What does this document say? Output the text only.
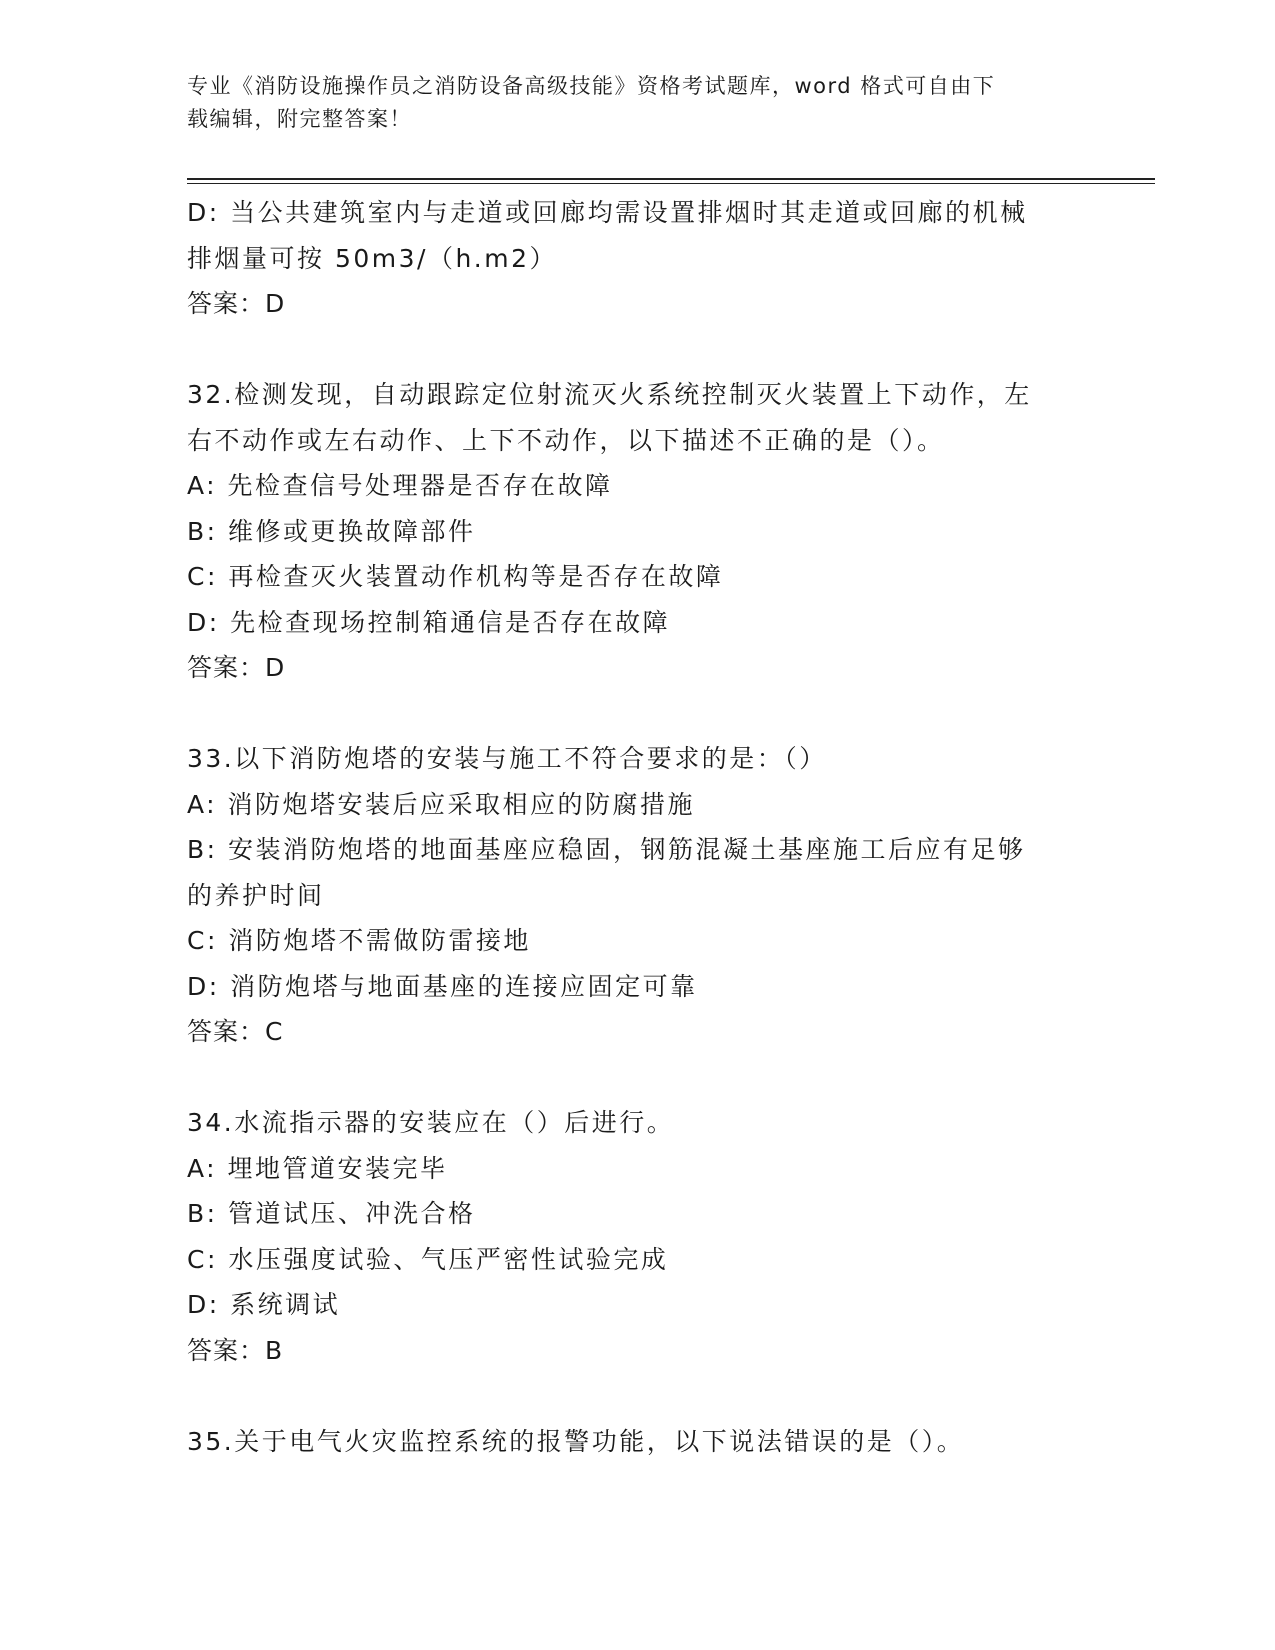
专业《消防设施操作员之消防设备高级技能》资格考试题库，word 格式可自由下
载编辑，附完整答案！
D: 当公共建筑室内与走道或回廊均需设置排烟时其走道或回廊的机械
排烟量可按 50m3/（h.m2）
答案：D
32.检测发现，自动跟踪定位射流灭火系统控制灭火装置上下动作，左
右不动作或左右动作、上下不动作，以下描述不正确的是（）。
A: 先检查信号处理器是否存在故障
B: 维修或更换故障部件
C: 再检查灭火装置动作机构等是否存在故障
D: 先检查现场控制箱通信是否存在故障
答案：D
33.以下消防炮塔的安装与施工不符合要求的是：（）
A: 消防炮塔安装后应采取相应的防腐措施
B: 安装消防炮塔的地面基座应稳固，钢筋混凝土基座施工后应有足够
的养护时间
C: 消防炮塔不需做防雷接地
D: 消防炮塔与地面基座的连接应固定可靠
答案：C
34.水流指示器的安装应在（）后进行。
A: 埋地管道安装完毕
B: 管道试压、冲洗合格
C: 水压强度试验、气压严密性试验完成
D: 系统调试
答案：B
35.关于电气火灾监控系统的报警功能，以下说法错误的是（）。
